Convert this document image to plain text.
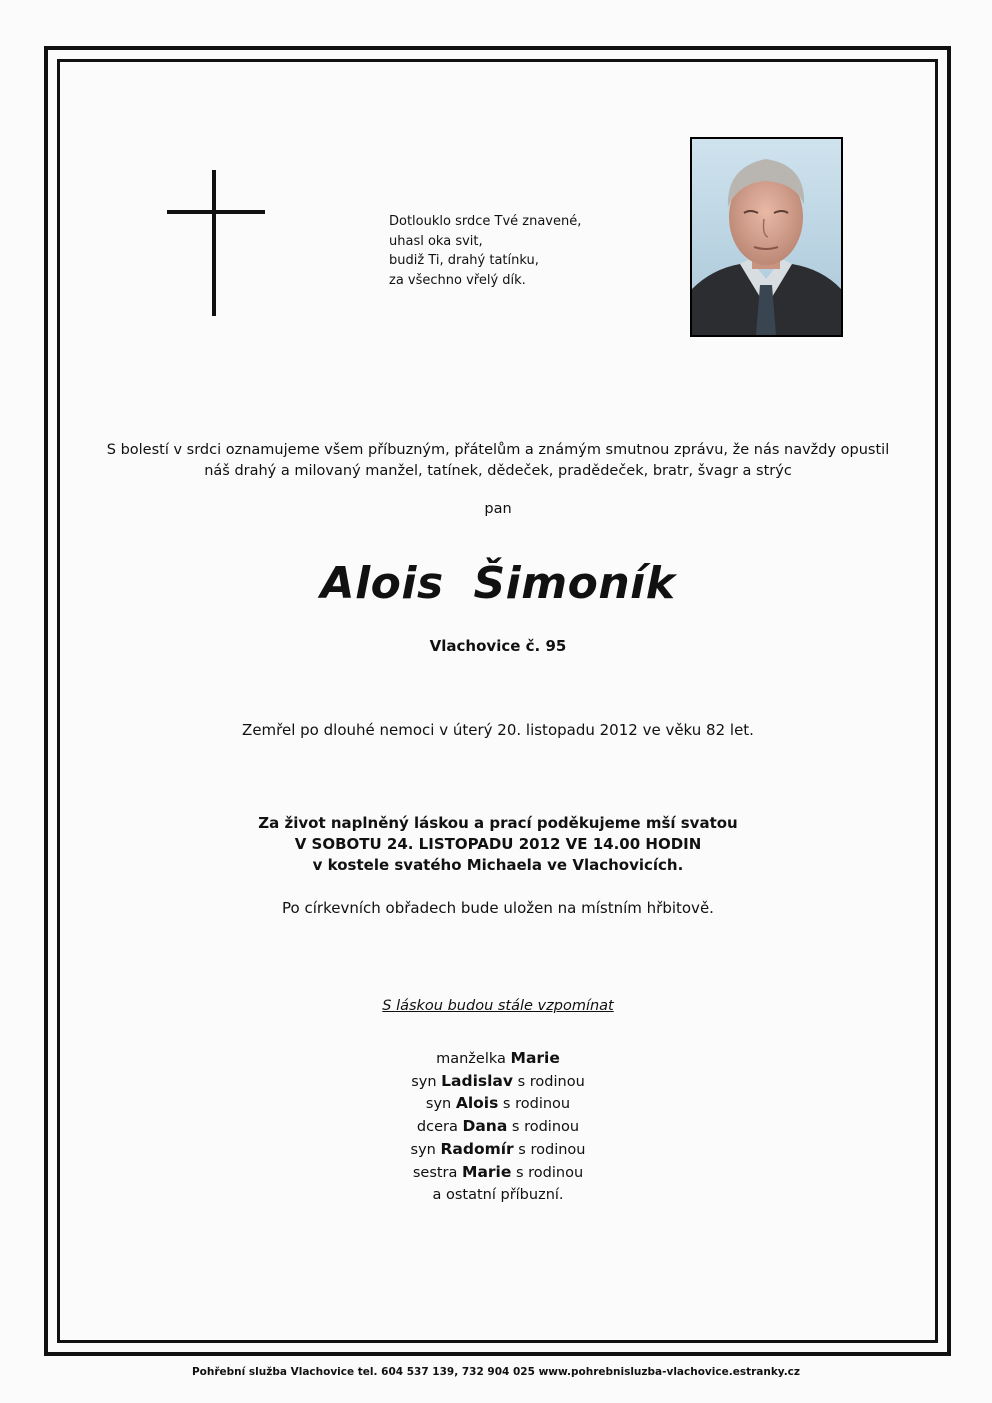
Dotlouklo srdce Tvé znavené,
uhasl oka svit,
budiž Ti, drahý tatínku,
za všechno vřelý dík.
S bolestí v srdci oznamujeme všem příbuzným, přátelům a známým smutnou zprávu, že nás navždy opustil
náš drahý a milovaný manžel, tatínek, dědeček, pradědeček, bratr, švagr a strýc
pan
Alois Šimoník
Vlachovice č. 95
Zemřel po dlouhé nemoci v úterý 20. listopadu 2012 ve věku 82 let.
Za život naplněný láskou a prací poděkujeme mší svatou
V SOBOTU 24. LISTOPADU 2012 VE 14.00 HODIN
v kostele svatého Michaela ve Vlachovicích.
Po církevních obřadech bude uložen na místním hřbitově.
S láskou budou stále vzpomínat
manželka Marie
syn Ladislav s rodinou
syn Alois s rodinou
dcera Dana s rodinou
syn Radomír s rodinou
sestra Marie s rodinou
a ostatní příbuzní.
Pohřební služba Vlachovice tel. 604 537 139, 732 904 025 www.pohrebnisluzba-vlachovice.estranky.cz
